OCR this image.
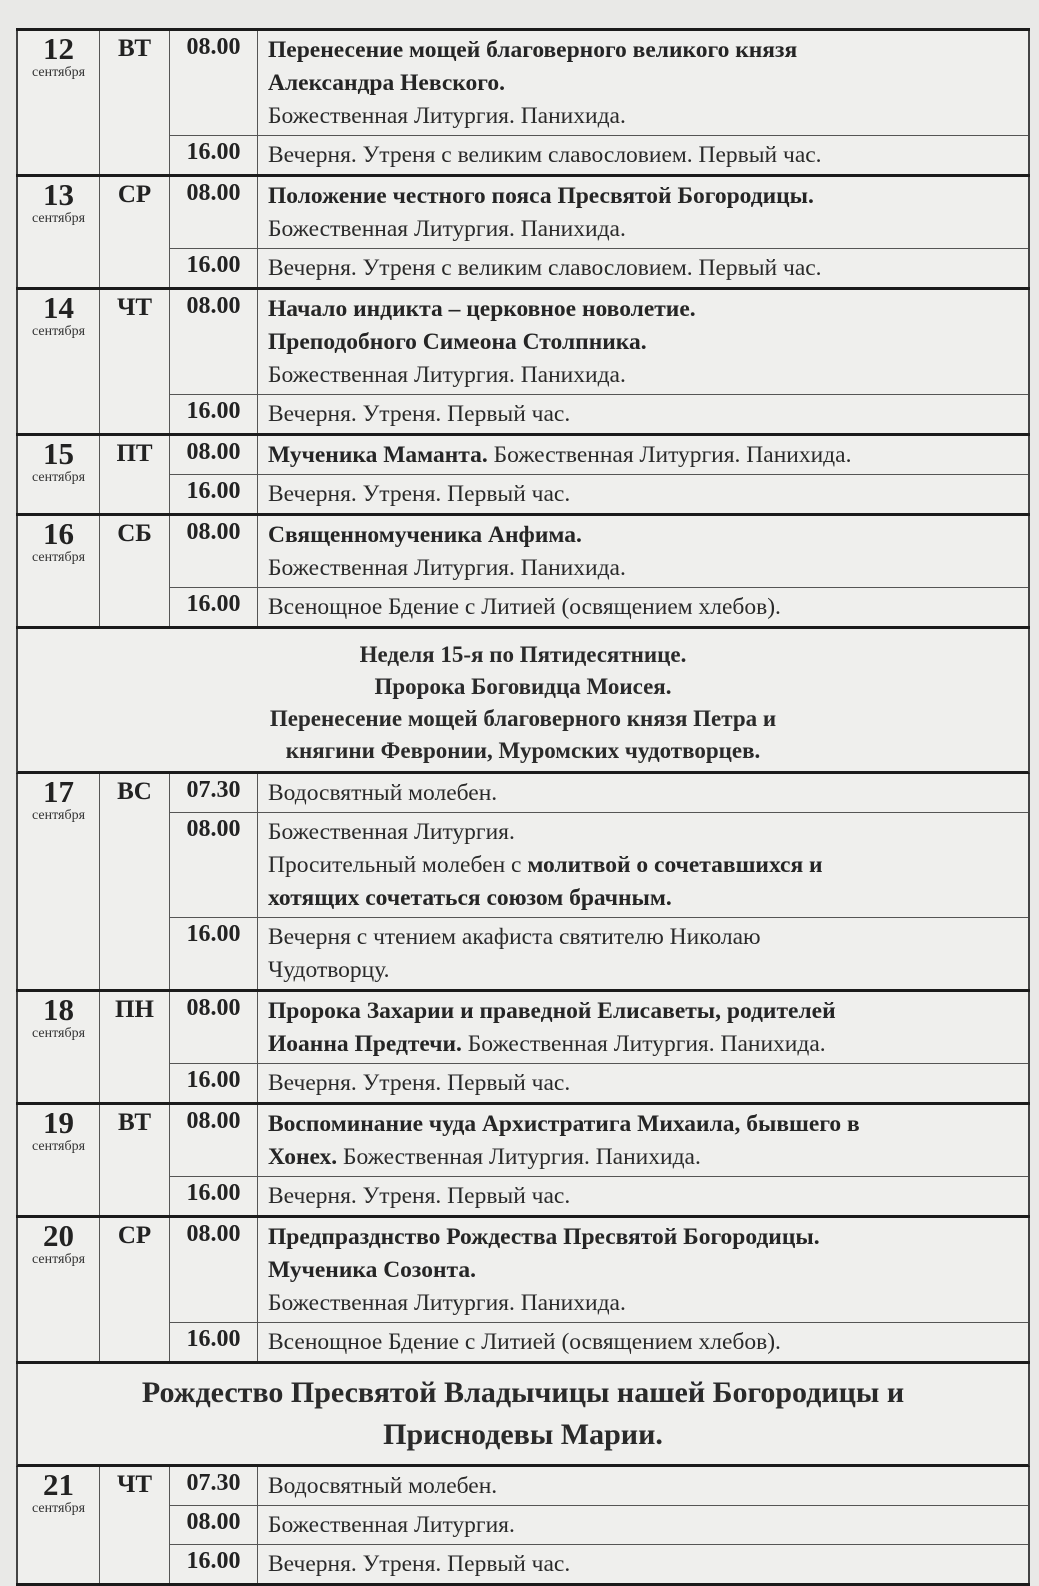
12
сентября
ВТ	08.00	Перенесение мощей благоверного великого князя
Александра Невского.
Божественная Литургия. Панихида.
16.00	Вечерня. Утреня с великим славословием. Первый час.
13
сентября
СР	08.00	Положение честного пояса Пресвятой Богородицы.
Божественная Литургия. Панихида.
16.00	Вечерня. Утреня с великим славословием. Первый час.
14
сентября
ЧТ	08.00	Начало индикта – церковное новолетие.
Преподобного Симеона Столпника.
Божественная Литургия. Панихида.
16.00	Вечерня. Утреня. Первый час.
15
сентября
ПТ	08.00	Мученика Маманта. Божественная Литургия. Панихида.
16.00	Вечерня. Утреня. Первый час.
16
сентября
СБ	08.00	Священномученика Анфима.
Божественная Литургия. Панихида.
16.00	Всенощное Бдение с Литией (освящением хлебов).
Неделя 15-я по Пятидесятнице.
Пророка Боговидца Моисея.
Перенесение мощей благоверного князя Петра и
княгини Февронии, Муромских чудотворцев.
17
сентября
ВС	07.30	Водосвятный молебен.
08.00	Божественная Литургия.
Просительный молебен с молитвой о сочетавшихся и
хотящих сочетаться союзом брачным.
16.00	Вечерня с чтением акафиста святителю Николаю
Чудотворцу.
18
сентября
ПН	08.00	Пророка Захарии и праведной Елисаветы, родителей
Иоанна Предтечи. Божественная Литургия. Панихида.
16.00	Вечерня. Утреня. Первый час.
19
сентября
ВТ	08.00	Воспоминание чуда Архистратига Михаила, бывшего в
Хонех. Божественная Литургия. Панихида.
16.00	Вечерня. Утреня. Первый час.
20
сентября
СР	08.00	Предпразднство Рождества Пресвятой Богородицы.
Мученика Созонта.
Божественная Литургия. Панихида.
16.00	Всенощное Бдение с Литией (освящением хлебов).
Рождество Пресвятой Владычицы нашей Богородицы и
Приснодевы Марии.
21
сентября
ЧТ	07.30	Водосвятный молебен.
08.00	Божественная Литургия.
16.00	Вечерня. Утреня. Первый час.
